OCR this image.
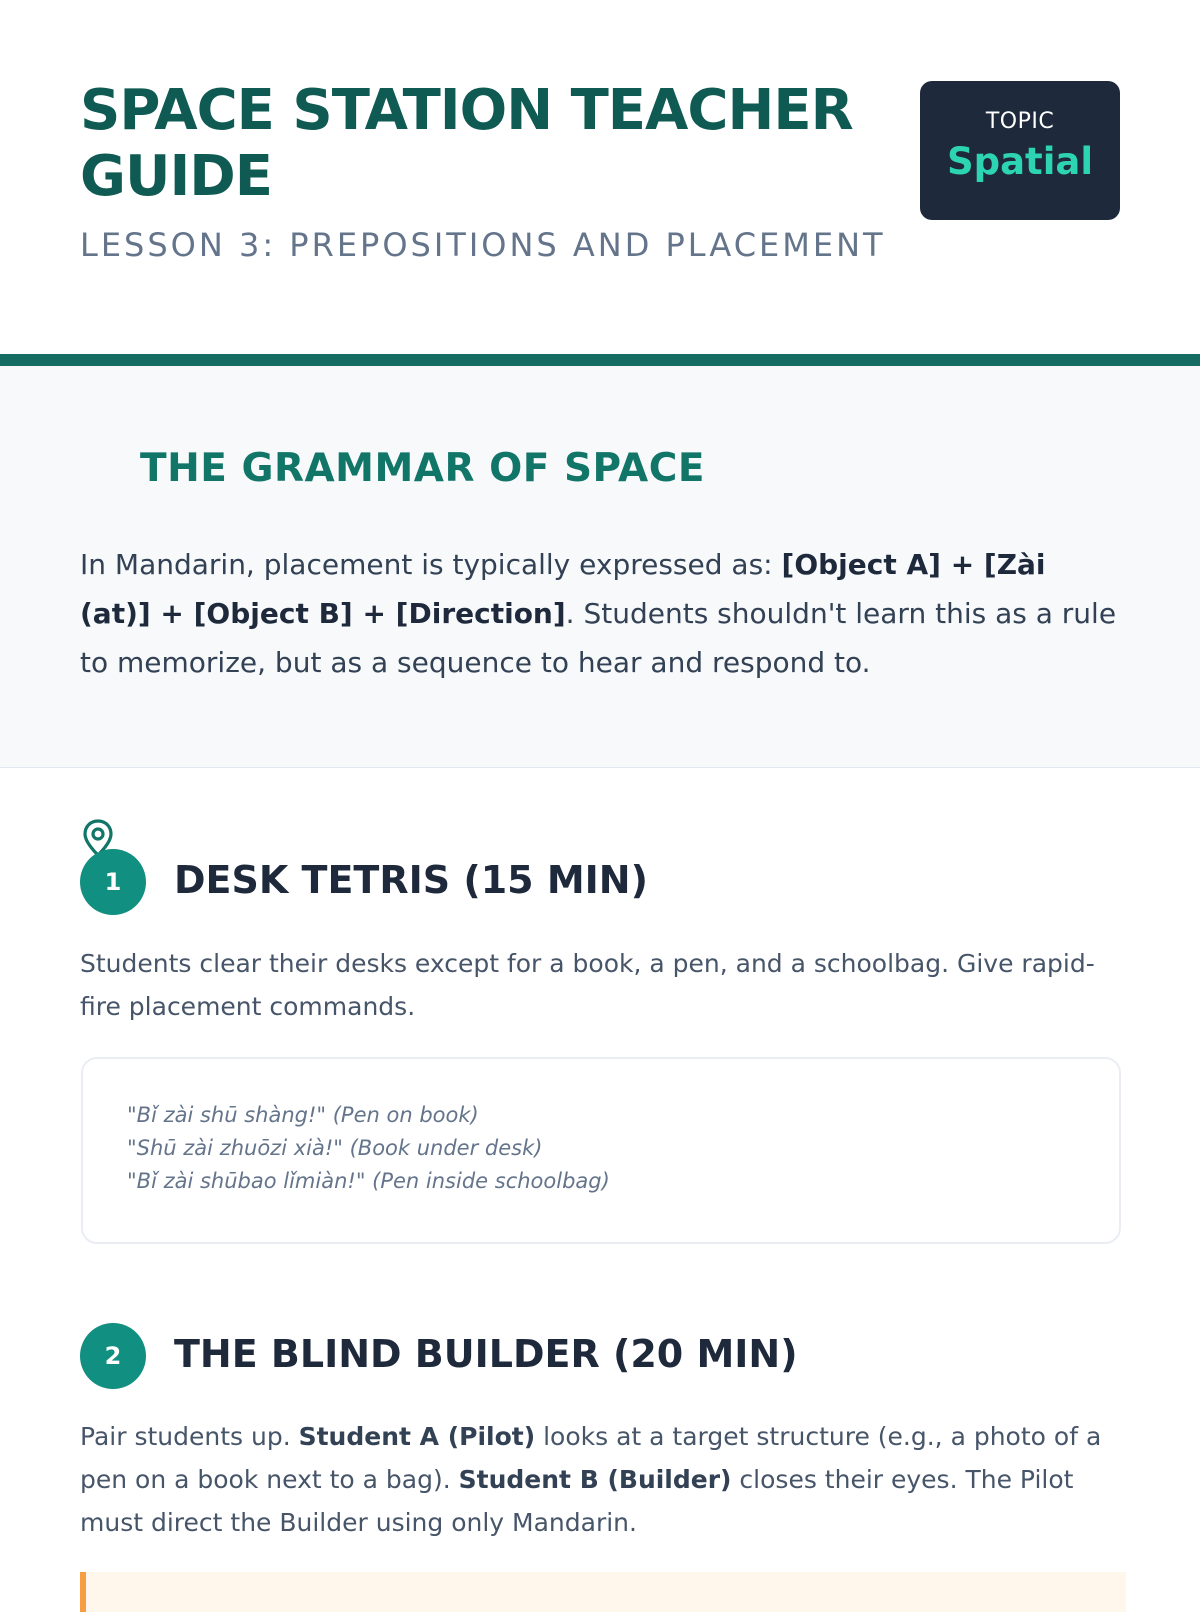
SPACE STATION TEACHER GUIDE
LESSON 3: PREPOSITIONS AND PLACEMENT
TOPIC
Spatial
THE GRAMMAR OF SPACE

In Mandarin, placement is typically expressed as: [Object A] + [Zài (at)] + [Object B] + [Direction]. Students shouldn't learn this as a rule to memorize, but as a sequence to hear and respond to.

1	DESK TETRIS (15 MIN)

Students clear their desks except for a book, a pen, and a schoolbag. Give rapid-fire placement commands.

"Bǐ zài shū shàng!" (Pen on book)
"Shū zài zhuōzi xià!" (Book under desk)
"Bǐ zài shūbao lǐmiàn!" (Pen inside schoolbag)
2	THE BLIND BUILDER (20 MIN)

Pair students up. Student A (Pilot) looks at a target structure (e.g., a photo of a pen on a book next to a bag). Student B (Builder) closes their eyes. The Pilot must direct the Builder using only Mandarin.
